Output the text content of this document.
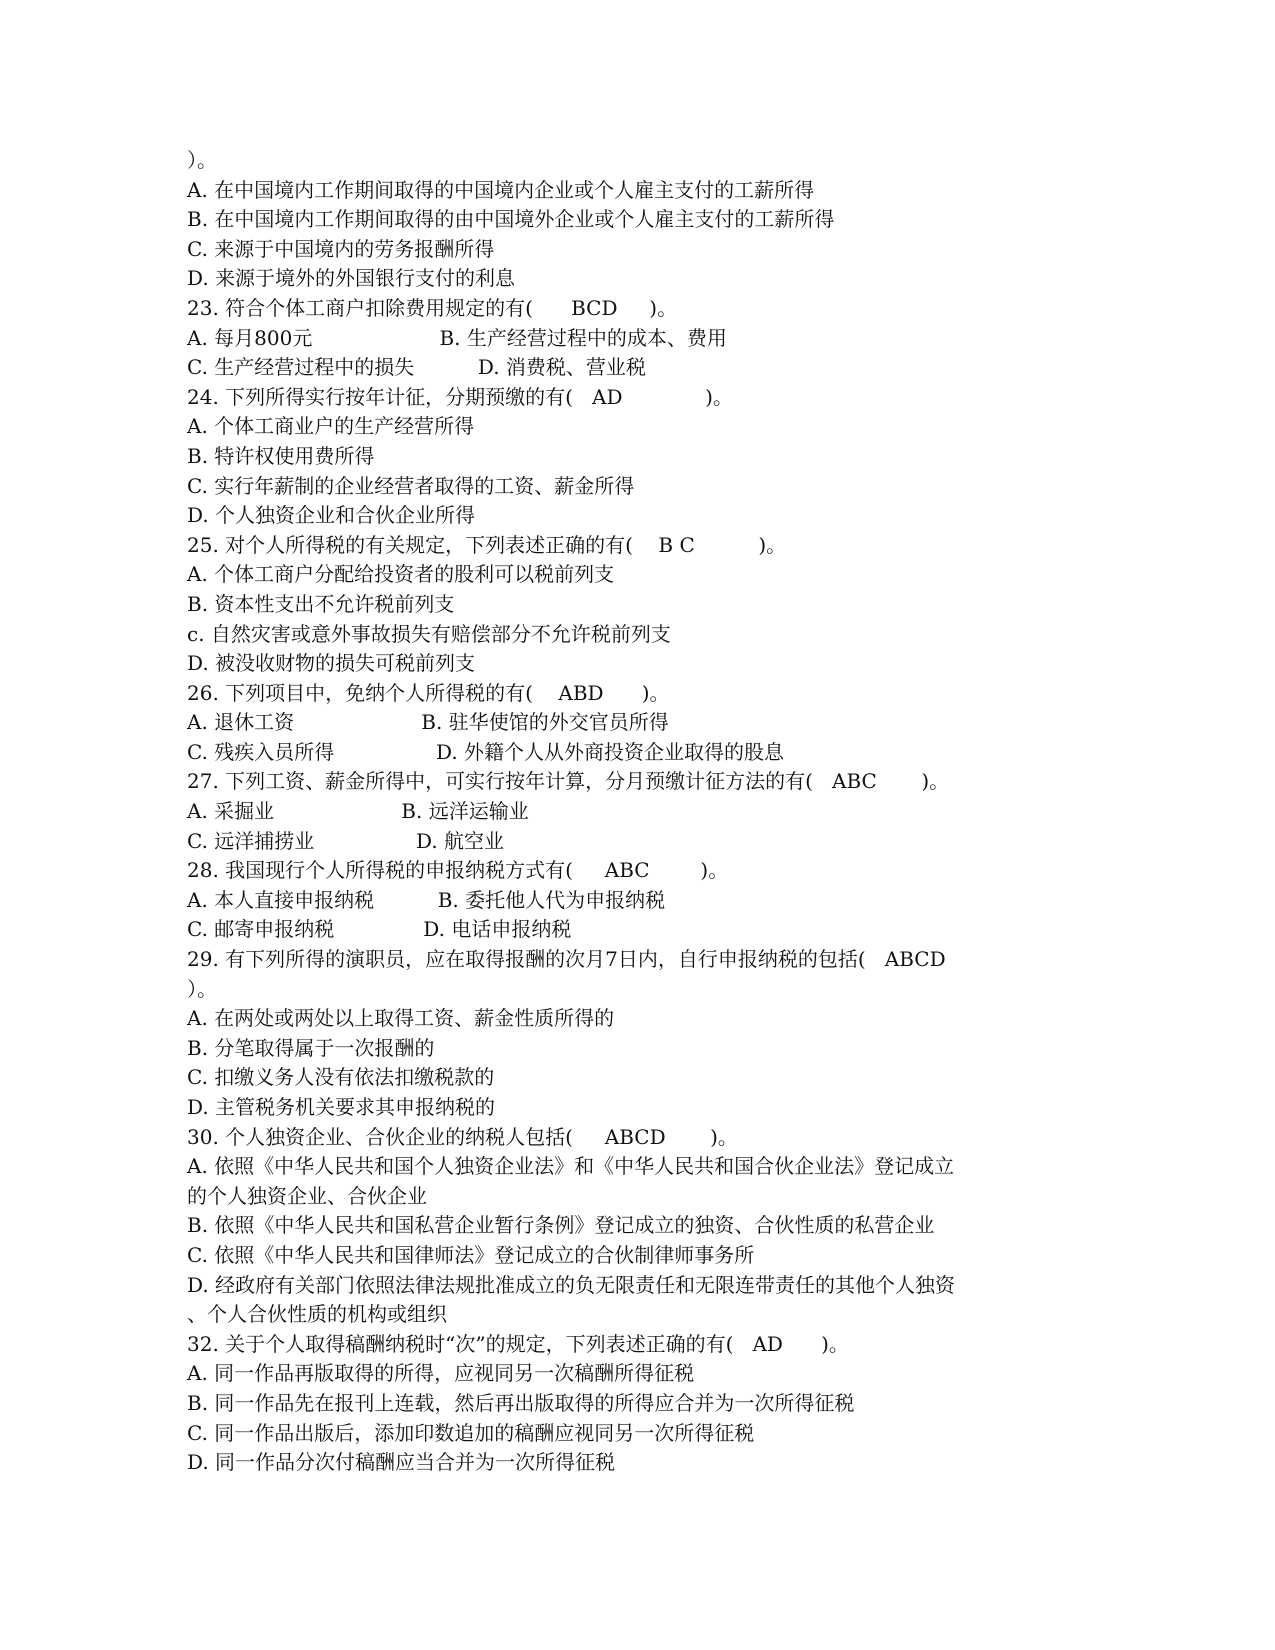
）。
A. 在中国境内工作期间取得的中国境内企业或个人雇主支付的工薪所得
B. 在中国境内工作期间取得的由中国境外企业或个人雇主支付的工薪所得
C. 来源于中国境内的劳务报酬所得
D. 来源于境外的外国银行支付的利息
23. 符合个体工商户扣除费用规定的有(      BCD     )。
A. 每月800元                    B. 生产经营过程中的成本、费用
C. 生产经营过程中的损失          D. 消费税、营业税
24. 下列所得实行按年计征，分期预缴的有(   AD             )。
A. 个体工商业户的生产经营所得
B. 特许权使用费所得
C. 实行年薪制的企业经营者取得的工资、薪金所得
D. 个人独资企业和合伙企业所得
25. 对个人所得税的有关规定，下列表述正确的有(    B C          )。
A. 个体工商户分配给投资者的股利可以税前列支
B. 资本性支出不允许税前列支
c. 自然灾害或意外事故损失有赔偿部分不允许税前列支
D. 被没收财物的损失可税前列支
26. 下列项目中，免纳个人所得税的有(    ABD      )。
A. 退休工资                    B. 驻华使馆的外交官员所得
C. 残疾入员所得                D. 外籍个人从外商投资企业取得的股息
27. 下列工资、薪金所得中，可实行按年计算，分月预缴计征方法的有(   ABC       )。
A. 采掘业                    B. 远洋运输业
C. 远洋捕捞业                D. 航空业
28. 我国现行个人所得税的申报纳税方式有(     ABC        )。
A. 本人直接申报纳税          B. 委托他人代为申报纳税
C. 邮寄申报纳税              D. 电话申报纳税
29. 有下列所得的演职员，应在取得报酬的次月7日内，自行申报纳税的包括(   ABCD
）。
A. 在两处或两处以上取得工资、薪金性质所得的
B. 分笔取得属于一次报酬的
C. 扣缴义务人没有依法扣缴税款的
D. 主管税务机关要求其申报纳税的
30. 个人独资企业、合伙企业的纳税人包括(     ABCD       )。
A. 依照《中华人民共和国个人独资企业法》和《中华人民共和国合伙企业法》登记成立
的个人独资企业、合伙企业
B. 依照《中华人民共和国私营企业暂行条例》登记成立的独资、合伙性质的私营企业
C. 依照《中华人民共和国律师法》登记成立的合伙制律师事务所
D. 经政府有关部门依照法律法规批准成立的负无限责任和无限连带责任的其他个人独资
、个人合伙性质的机构或组织
32. 关于个人取得稿酬纳税时“次”的规定，下列表述正确的有(   AD      )。
A. 同一作品再版取得的所得，应视同另一次稿酬所得征税
B. 同一作品先在报刊上连载，然后再出版取得的所得应合并为一次所得征税
C. 同一作品出版后，添加印数追加的稿酬应视同另一次所得征税
D. 同一作品分次付稿酬应当合并为一次所得征税
